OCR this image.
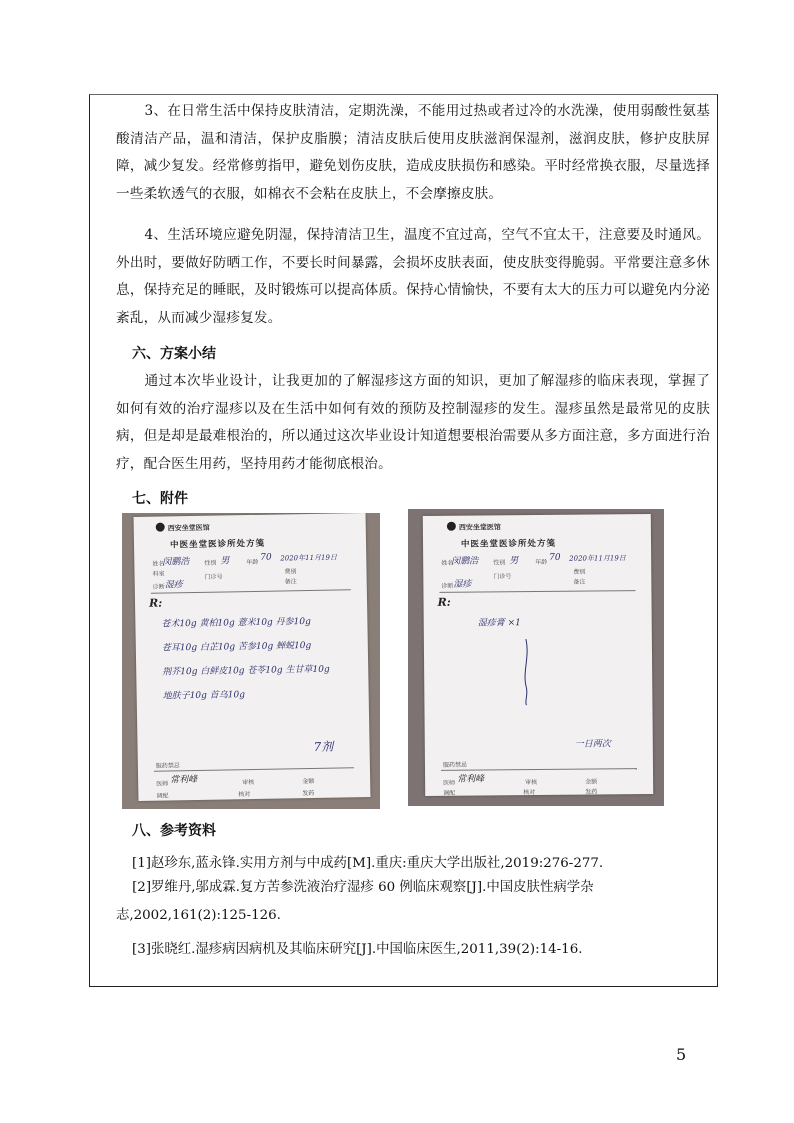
3、在日常生活中保持皮肤清洁，定期洗澡，不能用过热或者过冷的水洗澡，使用弱酸性氨基酸清洁产品，温和清洁，保护皮脂膜；清洁皮肤后使用皮肤滋润保湿剂，滋润皮肤，修护皮肤屏障，减少复发。经常修剪指甲，避免划伤皮肤，造成皮肤损伤和感染。平时经常换衣服，尽量选择一些柔软透气的衣服，如棉衣不会粘在皮肤上，不会摩擦皮肤。

4、生活环境应避免阴湿，保持清洁卫生，温度不宜过高，空气不宜太干，注意要及时通风。外出时，要做好防晒工作，不要长时间暴露，会损坏皮肤表面，使皮肤变得脆弱。平常要注意多休息，保持充足的睡眠，及时锻炼可以提高体质。保持心情愉快，不要有太大的压力可以避免内分泌紊乱，从而减少湿疹复发。

六、方案小结

通过本次毕业设计，让我更加的了解湿疹这方面的知识，更加了解湿疹的临床表现，掌握了如何有效的治疗湿疹以及在生活中如何有效的预防及控制湿疹的发生。湿疹虽然是最常见的皮肤病，但是却是最难根治的，所以通过这次毕业设计知道想要根治需要从多方面注意，多方面进行治疗，配合医生用药，坚持用药才能彻底根治。

七、附件
西安坐堂医馆
中医坐堂医诊所处方笺
姓名
闵鹏浩 性别 男	年龄 70 2020年11月19日
科室	门诊号
费别
备注
诊断 湿疹
R:
苍术10g 黄柏10g 薏米10g 丹参10g
苍耳10g 白芷10g 苦参10g 蝉蜕10g
荆芥10g 白鲜皮10g 苍苓10g 生甘草10g
地肤子10g 首乌10g
7剂
服药禁忌
医师 常利峰	审核	金额
调配	核对	发药
西安坐堂医馆
中医坐堂医诊所处方笺
姓名
闵鹏浩 性别 男	年龄 70 2020年11月19日
门诊号
费别
备注
诊断 湿疹
R:
湿疹膏 ×1
一日两次
服药禁忌
医师 常利峰	审核	金额
调配	核对	发药
八、参考资料

[1]赵珍东,蓝永锋.实用方剂与中成药[M].重庆:重庆大学出版社,2019:276-277.

[2]罗维丹,邬成霖.复方苦参洗液治疗湿疹 60 例临床观察[J].中国皮肤性病学杂志,2002,161(2):125-126.

[3]张晓红.湿疹病因病机及其临床研究[J].中国临床医生,2011,39(2):14-16.

5
